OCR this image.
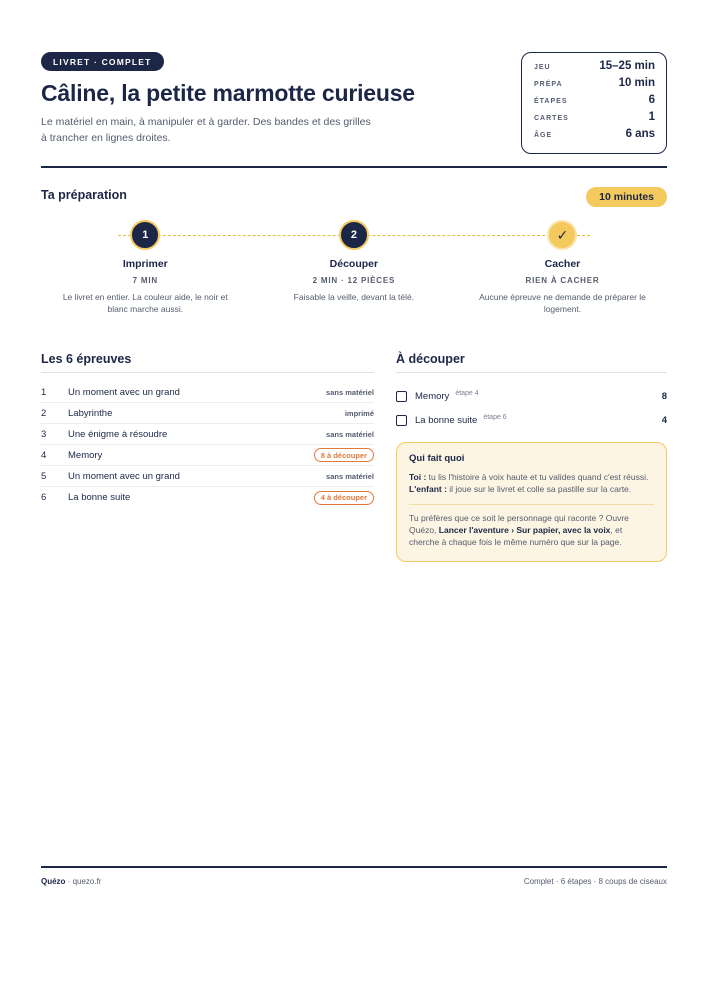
LIVRET · COMPLET
Câline, la petite marmotte curieuse

Le matériel en main, à manipuler et à garder. Des bandes et des grilles à trancher en lignes droites.

JEU	15–25 min
PRÉPA	10 min
ÉTAPES	6
CARTES	1
ÂGE	6 ans
Ta préparation	10 minutes
1
Imprimer
7 MIN
Le livret en entier. La couleur aide, le noir et blanc marche aussi.
2
Découper
2 MIN · 12 PIÈCES
Faisable la veille, devant la télé.
✓
Cacher
RIEN À CACHER
Aucune épreuve ne demande de préparer le logement.
Les 6 épreuves
1	Un moment avec un grand	sans matériel
2	Labyrinthe	imprimé
3	Une énigme à résoudre	sans matériel
4	Memory	8 à découper
5	Un moment avec un grand	sans matériel
6	La bonne suite	4 à découper
À découper
Memory étape 4	8
La bonne suite étape 6	4
Qui fait quoi

Toi : tu lis l'histoire à voix haute et tu valides quand c'est réussi.

L'enfant : il joue sur le livret et colle sa pastille sur la carte.

Tu préfères que ce soit le personnage qui raconte ? Ouvre Quézo, Lancer l'aventure › Sur papier, avec la voix, et cherche à chaque fois le même numéro que sur la page.

Quézo · quezo.fr	Complet · 6 étapes · 8 coups de ciseaux
